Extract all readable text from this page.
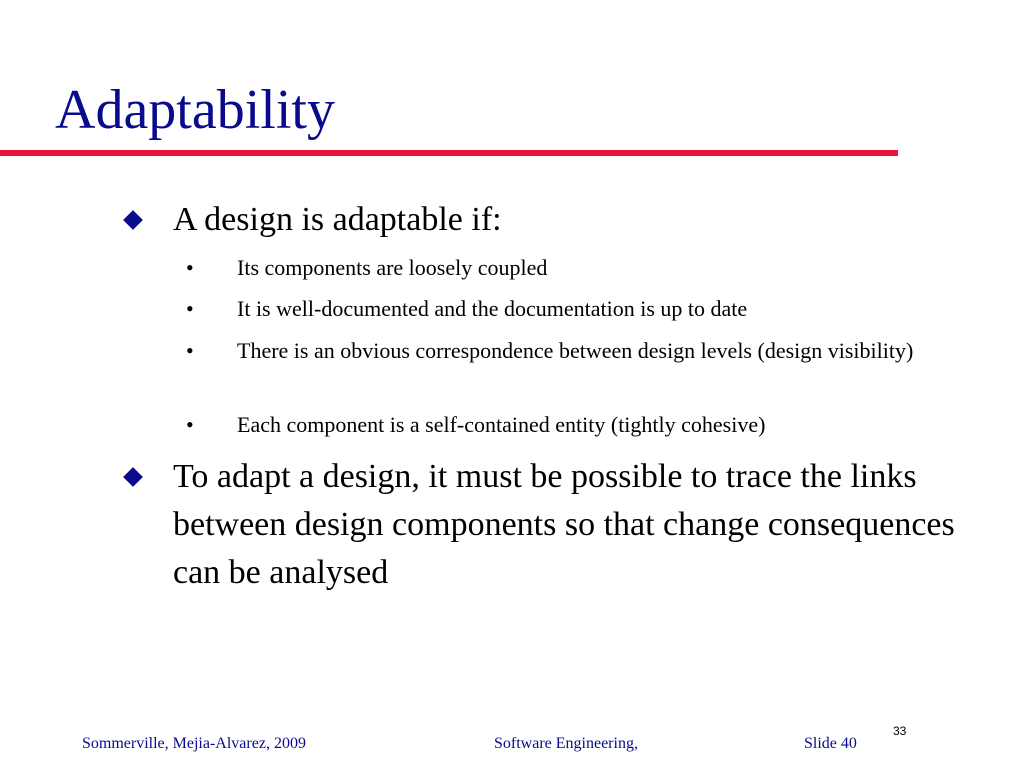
Adaptability
A design is adaptable if:
• Its components are loosely coupled
• It is well-documented and the documentation is up to date
• There is an obvious correspondence between design levels (design visibility)
• Each component is a self-contained entity (tightly cohesive)
To adapt a design, it must be possible to trace the links between design components so that change consequences can be analysed
33
Sommerville, Mejia-Alvarez, 2009	Software Engineering,	Slide 40
